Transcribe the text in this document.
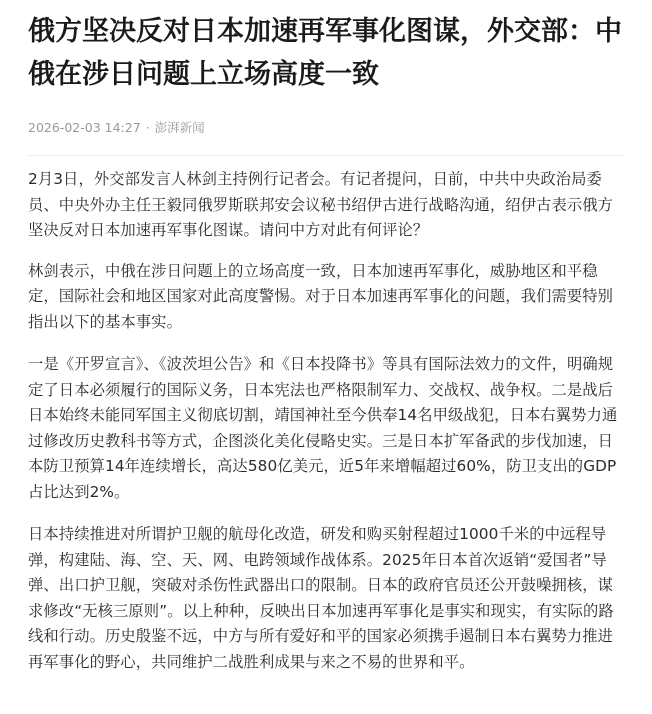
俄方坚决反对日本加速再军事化图谋，外交部：中俄在涉日问题上立场高度一致
2026-02-03 14:27 · 澎湃新闻

2月3日，外交部发言人林剑主持例行记者会。有记者提问，日前，中共中央政治局委员、中央外办主任王毅同俄罗斯联邦安会议秘书绍伊古进行战略沟通，绍伊古表示俄方坚决反对日本加速再军事化图谋。请问中方对此有何评论？

林剑表示，中俄在涉日问题上的立场高度一致，日本加速再军事化，威胁地区和平稳定，国际社会和地区国家对此高度警惕。对于日本加速再军事化的问题，我们需要特别指出以下的基本事实。

一是《开罗宣言》、《波茨坦公告》和《日本投降书》等具有国际法效力的文件，明确规定了日本必须履行的国际义务，日本宪法也严格限制军力、交战权、战争权。二是战后日本始终未能同军国主义彻底切割，靖国神社至今供奉14名甲级战犯，日本右翼势力通过修改历史教科书等方式，企图淡化美化侵略史实。三是日本扩军备武的步伐加速，日本防卫预算14年连续增长，高达580亿美元，近5年来增幅超过60%，防卫支出的GDP占比达到2%。

日本持续推进对所谓护卫舰的航母化改造，研发和购买射程超过1000千米的中远程导弹，构建陆、海、空、天、网、电跨领域作战体系。2025年日本首次返销“爱国者”导弹、出口护卫舰，突破对杀伤性武器出口的限制。日本的政府官员还公开鼓噪拥核，谋求修改“无核三原则”。以上种种，反映出日本加速再军事化是事实和现实，有实际的路线和行动。历史殷鉴不远，中方与所有爱好和平的国家必须携手遏制日本右翼势力推进再军事化的野心，共同维护二战胜利成果与来之不易的世界和平。
